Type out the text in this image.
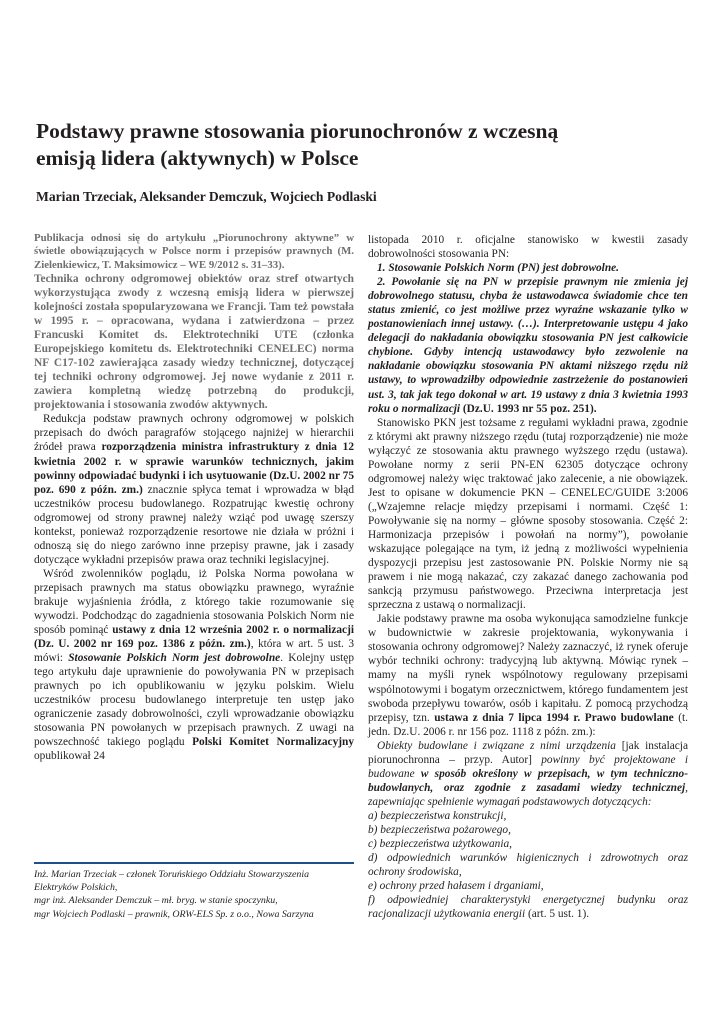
Podstawy prawne stosowania piorunochronów z wczesną emisją lidera (aktywnych) w Polsce
Marian Trzeciak, Aleksander Demczuk, Wojciech Podlaski

Publikacja odnosi się do artykułu „Piorunochrony aktywne” w świetle obowiązujących w Polsce norm i przepisów prawnych (M. Zielenkiewicz, T. Maksimowicz – WE 9/2012 s. 31–33).

Technika ochrony odgromowej obiektów oraz stref otwartych wykorzystująca zwody z wczesną emisją lidera w pierwszej kolejności została spopularyzowana we Francji. Tam też powstała w 1995 r. – opracowana, wydana i zatwierdzona – przez Francuski Komitet ds. Elektrotechniki UTE (członka Europejskiego komitetu ds. Elektrotechniki CENELEC) norma NF C17-102 zawierająca zasady wiedzy technicznej, dotyczącej tej techniki ochrony odgromowej. Jej nowe wydanie z 2011 r. zawiera kompletną wiedzę potrzebną do produkcji, projektowania i stosowania zwodów aktywnych.

Redukcja podstaw prawnych ochrony odgromowej w polskich przepisach do dwóch paragrafów stojącego najniżej w hierarchii źródeł prawa rozporządzenia ministra infrastruktury z dnia 12 kwietnia 2002 r. w sprawie warunków technicznych, jakim powinny odpowiadać budynki i ich usytuowanie (Dz.U. 2002 nr 75 poz. 690 z późn. zm.) znacznie spłyca temat i wprowadza w błąd uczestników procesu budowlanego. Rozpatrując kwestię ochrony odgromowej od strony prawnej należy wziąć pod uwagę szerszy kontekst, ponieważ rozporządzenie resortowe nie działa w próżni i odnoszą się do niego zarówno inne przepisy prawne, jak i zasady dotyczące wykładni przepisów prawa oraz techniki legislacyjnej.

Wśród zwolenników poglądu, iż Polska Norma powołana w przepisach prawnych ma status obowiązku prawnego, wyraźnie brakuje wyjaśnienia źródła, z którego takie rozumowanie się wywodzi. Podchodząc do zagadnienia stosowania Polskich Norm nie sposób pominąć ustawy z dnia 12 września 2002 r. o normalizacji (Dz. U. 2002 nr 169 poz. 1386 z późn. zm.), która w art. 5 ust. 3 mówi: Stosowanie Polskich Norm jest dobrowolne. Kolejny ustęp tego artykułu daje uprawnienie do powoływania PN w przepisach prawnych po ich opublikowaniu w języku polskim. Wielu uczestników procesu budowlanego interpretuje ten ustęp jako ograniczenie zasady dobrowolności, czyli wprowadzanie obowiązku stosowania PN powołanych w przepisach prawnych. Z uwagi na powszechność takiego poglądu Polski Komitet Normalizacyjny opublikował 24

Inż. Marian Trzeciak – członek Toruńskiego Oddziału Stowarzyszenia Elektryków Polskich,
mgr inż. Aleksander Demczuk – mł. bryg. w stanie spoczynku,
mgr Wojciech Podlaski – prawnik, ORW-ELS Sp. z o.o., Nowa Sarzyna

listopada 2010 r. oficjalne stanowisko w kwestii zasady dobrowolności stosowania PN:

1. Stosowanie Polskich Norm (PN) jest dobrowolne.

2. Powołanie się na PN w przepisie prawnym nie zmienia jej dobrowolnego statusu, chyba że ustawodawca świadomie chce ten status zmienić, co jest możliwe przez wyraźne wskazanie tylko w postanowieniach innej ustawy. (…). Interpretowanie ustępu 4 jako delegacji do nakładania obowiązku stosowania PN jest całkowicie chybione. Gdyby intencją ustawodawcy było zezwolenie na nakładanie obowiązku stosowania PN aktami niższego rzędu niż ustawy, to wprowadziłby odpowiednie zastrzeżenie do postanowień ust. 3, tak jak tego dokonał w art. 19 ustawy z dnia 3 kwietnia 1993 roku o normalizacji (Dz.U. 1993 nr 55 poz. 251).

Stanowisko PKN jest tożsame z regułami wykładni prawa, zgodnie z którymi akt prawny niższego rzędu (tutaj rozporządzenie) nie może wyłączyć ze stosowania aktu prawnego wyższego rzędu (ustawa). Powołane normy z serii PN-EN 62305 dotyczące ochrony odgromowej należy więc traktować jako zalecenie, a nie obowiązek. Jest to opisane w dokumencie PKN – CENELEC/GUIDE 3:2006 („Wzajemne relacje między przepisami i normami. Część 1: Powoływanie się na normy – główne sposoby stosowania. Część 2: Harmonizacja przepisów i powołań na normy”), powołanie wskazujące polegające na tym, iż jedną z możliwości wypełnienia dyspozycji przepisu jest zastosowanie PN. Polskie Normy nie są prawem i nie mogą nakazać, czy zakazać danego zachowania pod sankcją przymusu państwowego. Przeciwna interpretacja jest sprzeczna z ustawą o normalizacji.

Jakie podstawy prawne ma osoba wykonująca samodzielne funkcje w budownictwie w zakresie projektowania, wykonywania i stosowania ochrony odgromowej? Należy zaznaczyć, iż rynek oferuje wybór techniki ochrony: tradycyjną lub aktywną. Mówiąc rynek – mamy na myśli rynek wspólnotowy regulowany przepisami wspólnotowymi i bogatym orzecznictwem, którego fundamentem jest swoboda przepływu towarów, osób i kapitału. Z pomocą przychodzą przepisy, tzn. ustawa z dnia 7 lipca 1994 r. Prawo budowlane (t. jedn. Dz.U. 2006 r. nr 156 poz. 1118 z późn. zm.):

Obiekty budowlane i związane z nimi urządzenia [jak instalacja piorunochronna – przyp. Autor] powinny być projektowane i budowane w sposób określony w przepisach, w tym techniczno-budowlanych, oraz zgodnie z zasadami wiedzy technicznej, zapewniając spełnienie wymagań podstawowych dotyczących:

a) bezpieczeństwa konstrukcji,

b) bezpieczeństwa pożarowego,

c) bezpieczeństwa użytkowania,

d) odpowiednich warunków higienicznych i zdrowotnych oraz ochrony środowiska,

e) ochrony przed hałasem i drganiami,

f) odpowiedniej charakterystyki energetycznej budynku oraz racjonalizacji użytkowania energii (art. 5 ust. 1).
